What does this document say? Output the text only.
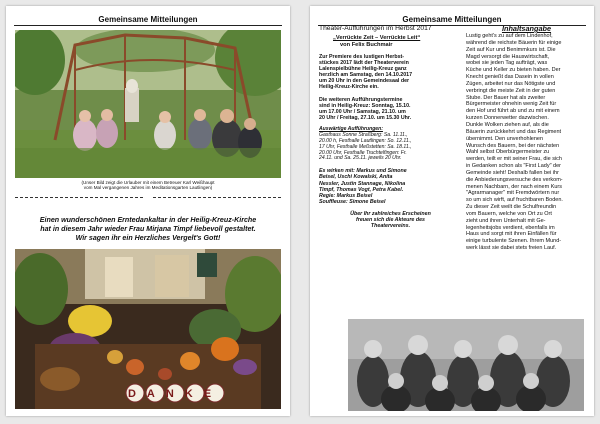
Gemeinsame Mitteilungen
(Unser Bild zeigt die Urlauber mit einem Betreuer Karl Weißhaupt
vom Mal vergangenen Jahres im Meditationsgarten Lautlingen)
Einen wunderschönen Erntedankaltar in der Heilig-Kreuz-Kirche
hat in diesem Jahr wieder Frau Mirjana Timpf liebevoll gestaltet.
Wir sagen ihr ein Herzliches Vergelt's Gott!
DANKE
Gemeinsame Mitteilungen
Theater-Aufführungen im Herbst 2017
„Verrückte Zeit – Verrückte Leit“
von Felix Buchmair
Zur Premiere des lustigen Herbst-
stückes 2017 lädt der Theaterverein
Lalenspielbühne Heilig-Kreuz ganz
herzlich am Samstag, den 14.10.2017
um 20 Uhr in den Gemeindesaal der
Heilig-Kreuz-Kirche ein.
Die weiteren Aufführungstermine
sind in Heilig-Kreuz: Sonntag, 15.10.
um 17.00 Uhr / Samstag, 21.10. um
20 Uhr / Freitag, 27.10. um 15.30 Uhr.
Auswärtige Aufführungen:
Gasthaus Sonne Straßberg: Sa. 11.11.,
20.00 h, Festhalle Lautlingen: So. 12.11.,
17 Uhr, Festhalle Meßstetten: Sa. 18.11.,
20.00 Uhr, Festhalle Truchtelfingen: Fr.
24.11. und Sa. 25.11. jeweils 20 Uhr.
Es wirken mit: Markus und Simone
Beisel, Uschi Kowalski, Anita
Nessler, Justin Stannage, Nikolina
Timpf, Thomas Vogt, Petra Kabel.
Regie: Markus Beisel
Souffleuse: Simone Beisel
Über Ihr zahlreiches Erscheinen
freuen sich die Akteure des
Theatervereins.
Inhaltsangabe
Lustig geht's zu auf dem Lindenhof,
während die reichste Bäuerin für einige
Zeit auf Kur und Benimmkurs ist. Die
Magd versorgt die Hauswirtschaft,
wobei sie jeden Tag aufträgt, was
Küche und Keller zu bieten haben. Der
Knecht genießt das Dasein in vollen
Zügen, arbeitet nur das Nötigste und
verbringt die meiste Zeit in der guten
Stube. Der Bauer hat als zweiter
Bürgermeister ohnehin wenig Zeit für
den Hof und führt ab und zu mit einem
kurzen Donnerwetter dazwischen.
Dunkle Wolken ziehen auf, als die
Bäuerin zurückkehrt und das Regiment
übernimmt. Den unverhohlenen
Wunsch des Bauern, bei der nächsten
Wahl selbst Oberbürgermeister zu
werden, teilt er mit seiner Frau, die sich
in Gedanken schon als "First Lady" der
Gemeinde sieht! Deshalb fallen bei ihr
die Anbiederungsversuche des verkom-
menen Nachbarn, der nach einem Kurs
"Agrarmanager" mit Fremdwörtern nur
so um sich wirft, auf fruchtbaren Boden.
Zu dieser Zeit weilt die Schulfreundin
vom Bauern, welche von Ort zu Ort
zieht und ihren Unterhalt mit Ge-
legenheitsjobs verdient, ebenfalls im
Haus und sorgt mit ihren Einfällen für
einige turbulente Szenen. Ihrem Mund-
werk lässt sie dabei stets freien Lauf.
